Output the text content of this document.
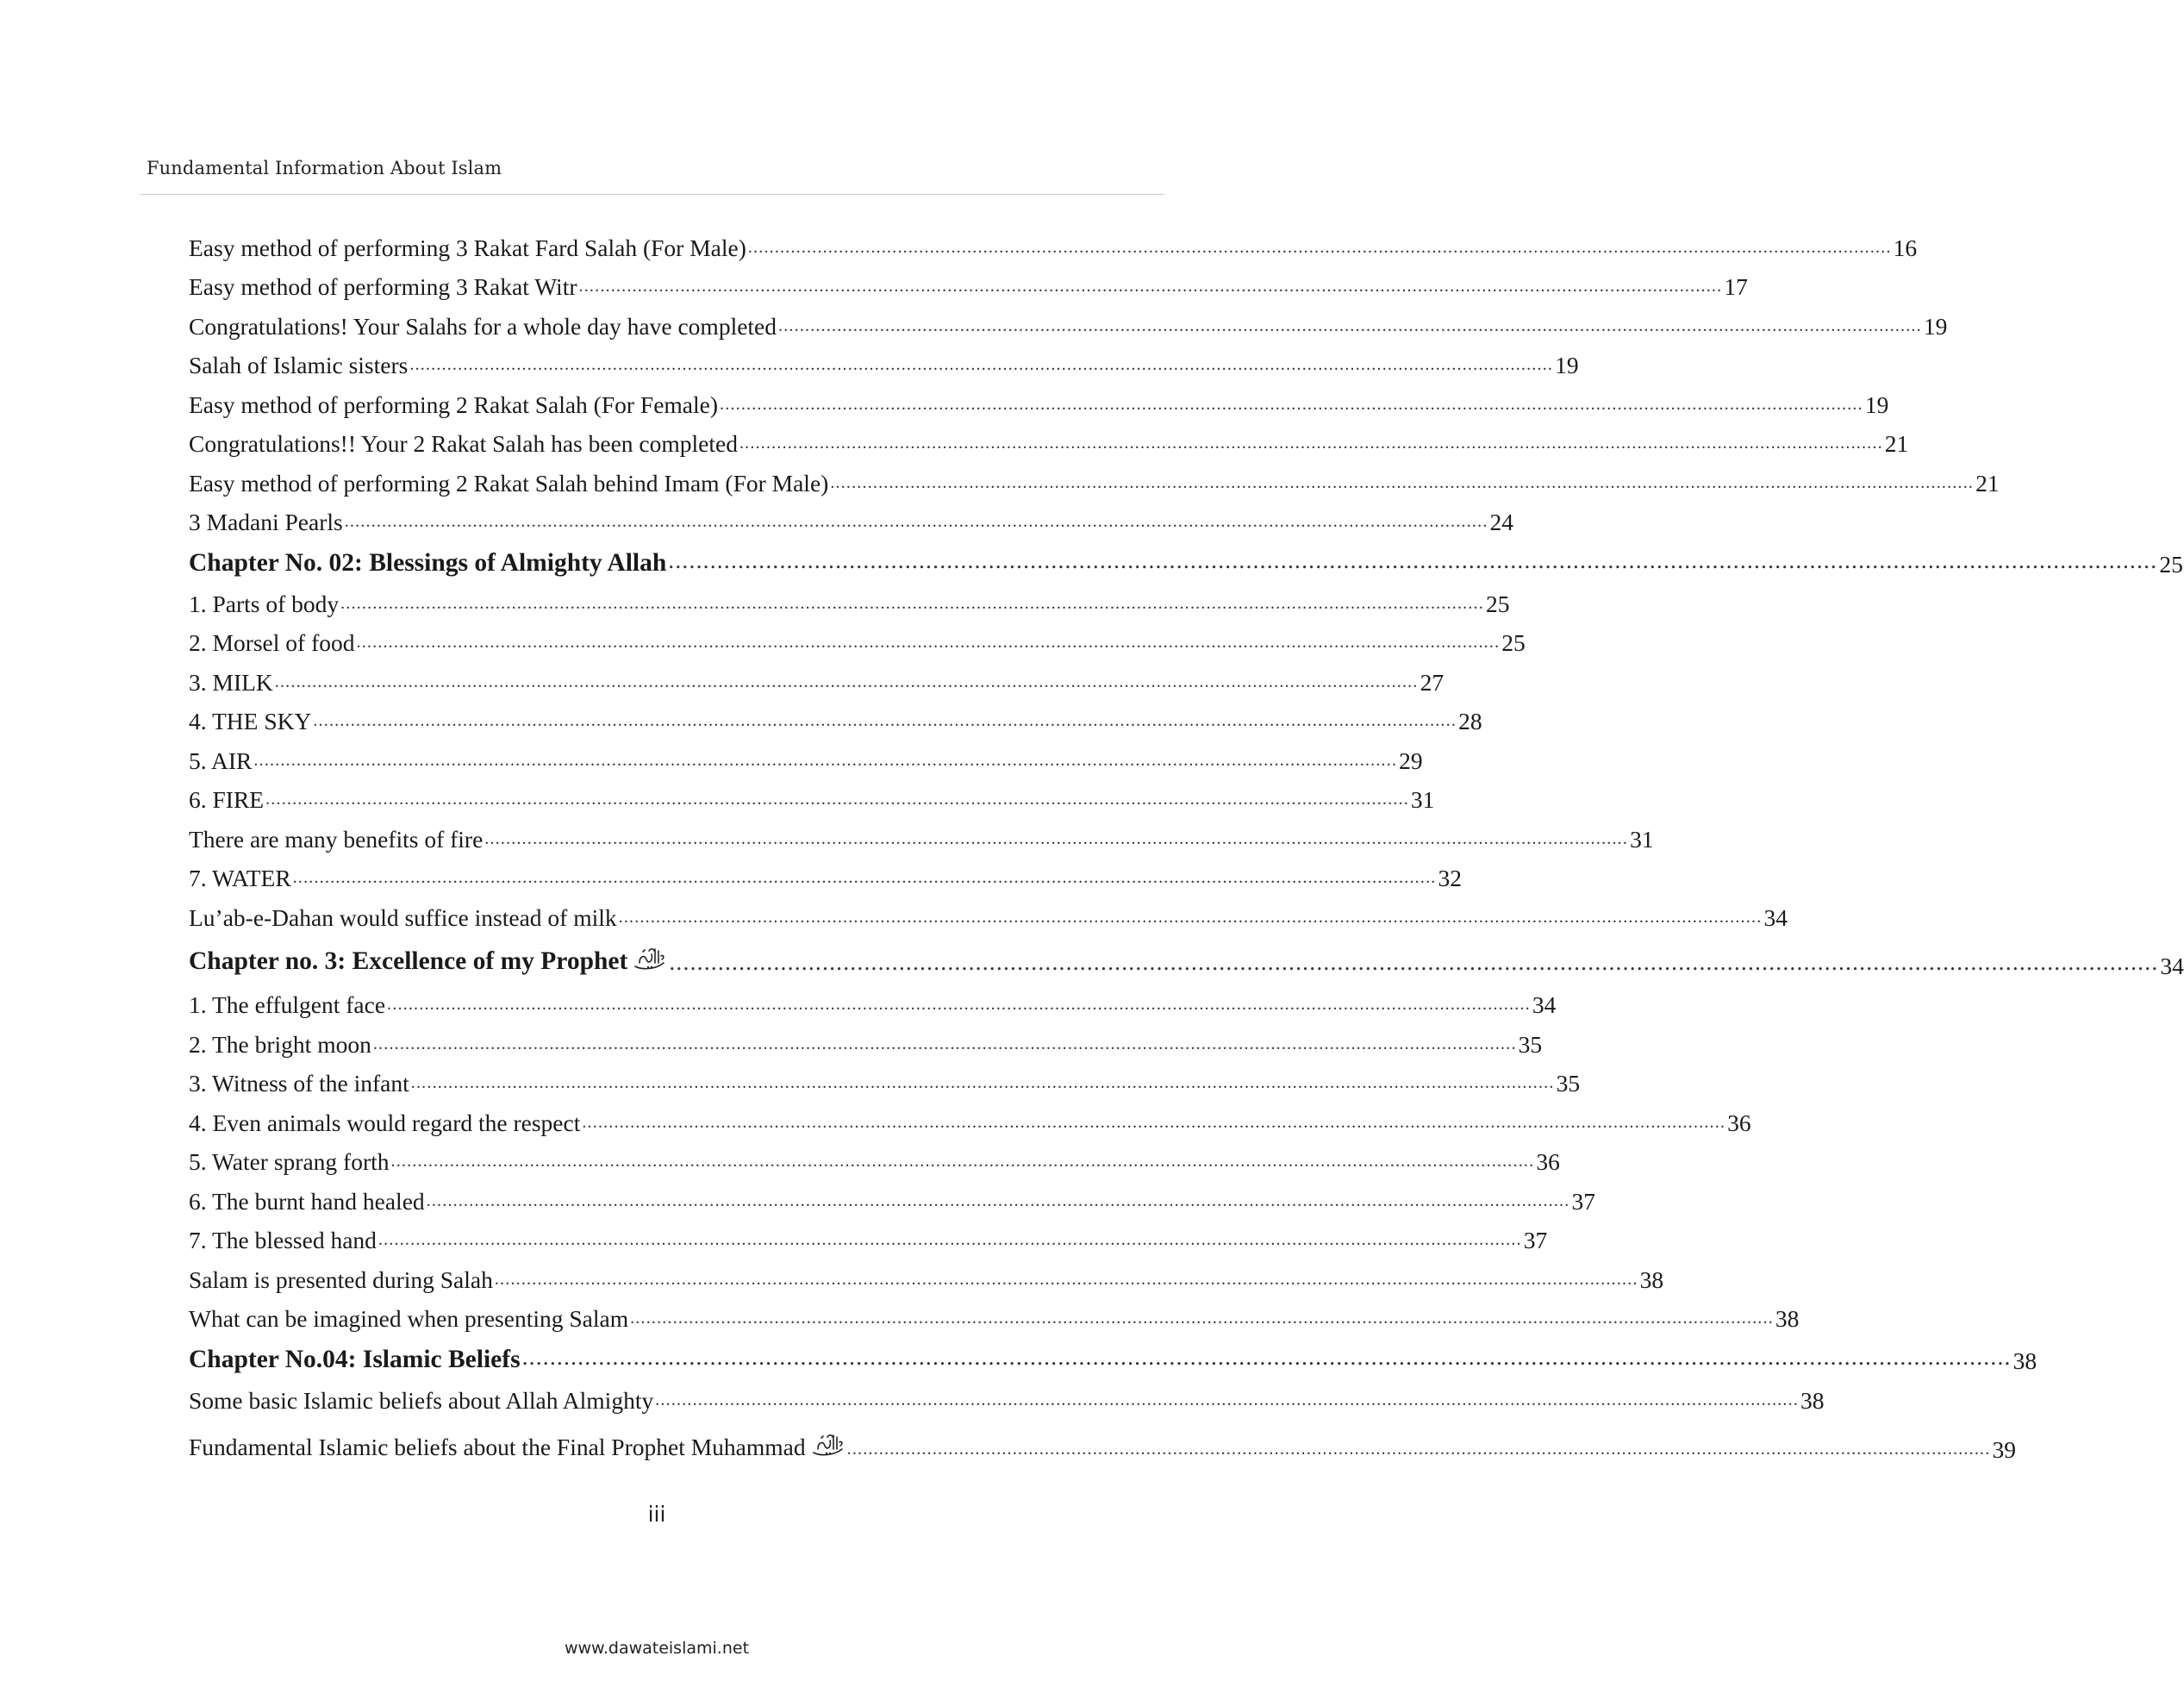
Fundamental Information About Islam
Easy method of performing 3 Rakat Fard Salah (For Male) ...................................................................................................................................................................................................................... 16
Easy method of performing 3 Rakat Witr ...................................................................................................................................................................................................................... 17
Congratulations! Your Salahs for a whole day have completed ...................................................................................................................................................................................................................... 19
Salah of Islamic sisters ...................................................................................................................................................................................................................... 19
Easy method of performing 2 Rakat Salah (For Female) ...................................................................................................................................................................................................................... 19
Congratulations!! Your 2 Rakat Salah has been completed ...................................................................................................................................................................................................................... 21
Easy method of performing 2 Rakat Salah behind Imam (For Male) ...................................................................................................................................................................................................................... 21
3 Madani Pearls ...................................................................................................................................................................................................................... 24
Chapter No. 02: Blessings of Almighty Allah ...................................................................................................................................................................................................................... 25
1. Parts of body ...................................................................................................................................................................................................................... 25
2. Morsel of food ...................................................................................................................................................................................................................... 25
3. MILK ...................................................................................................................................................................................................................... 27
4. THE SKY ...................................................................................................................................................................................................................... 28
5. AIR ...................................................................................................................................................................................................................... 29
6. FIRE ...................................................................................................................................................................................................................... 31
There are many benefits of fire ...................................................................................................................................................................................................................... 31
7. WATER ...................................................................................................................................................................................................................... 32
Lu’ab-e-Dahan would suffice instead of milk ...................................................................................................................................................................................................................... 34
Chapter no. 3: Excellence of my Prophet	...................................................................................................................................................................................................................... 34
1. The effulgent face ...................................................................................................................................................................................................................... 34
2. The bright moon ...................................................................................................................................................................................................................... 35
3. Witness of the infant ...................................................................................................................................................................................................................... 35
4. Even animals would regard the respect ...................................................................................................................................................................................................................... 36
5. Water sprang forth ...................................................................................................................................................................................................................... 36
6. The burnt hand healed ...................................................................................................................................................................................................................... 37
7. The blessed hand ...................................................................................................................................................................................................................... 37
Salam is presented during Salah ...................................................................................................................................................................................................................... 38
What can be imagined when presenting Salam ...................................................................................................................................................................................................................... 38
Chapter No.04: Islamic Beliefs ...................................................................................................................................................................................................................... 38
Some basic Islamic beliefs about Allah Almighty ...................................................................................................................................................................................................................... 38
Fundamental Islamic beliefs about the Final Prophet Muhammad	...................................................................................................................................................................................................................... 39
iii
www.dawateislami.net
